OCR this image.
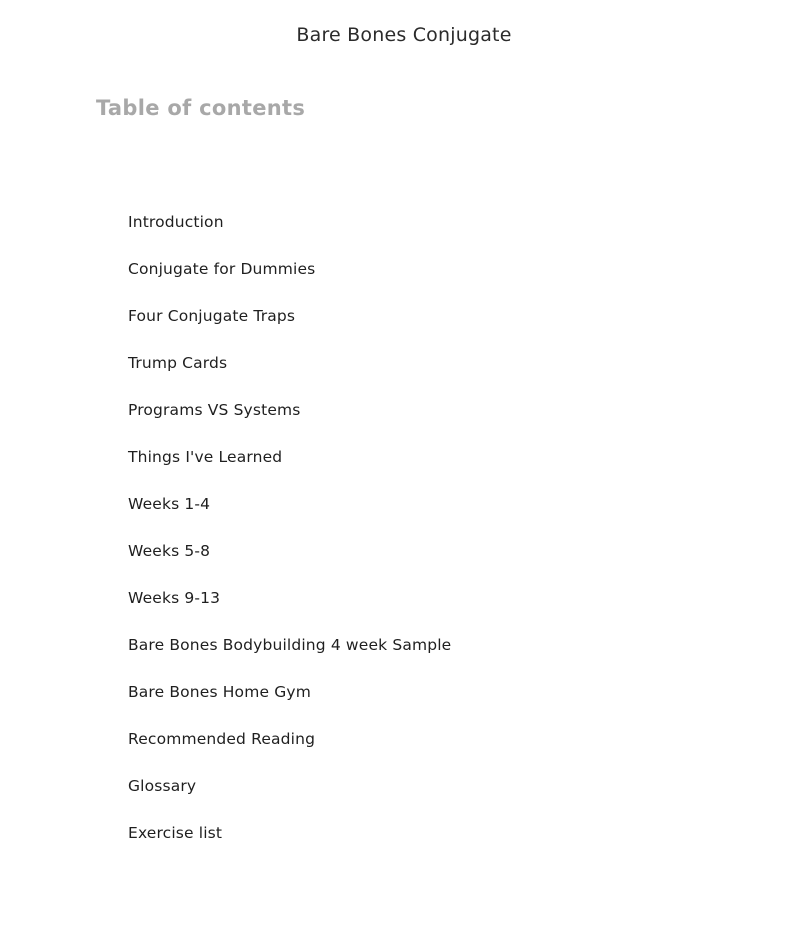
Bare Bones Conjugate
Table of contents
Introduction
Conjugate for Dummies
Four Conjugate Traps
Trump Cards
Programs VS Systems
Things I've Learned
Weeks 1-4
Weeks 5-8
Weeks 9-13
Bare Bones Bodybuilding 4 week Sample
Bare Bones Home Gym
Recommended Reading
Glossary
Exercise list
